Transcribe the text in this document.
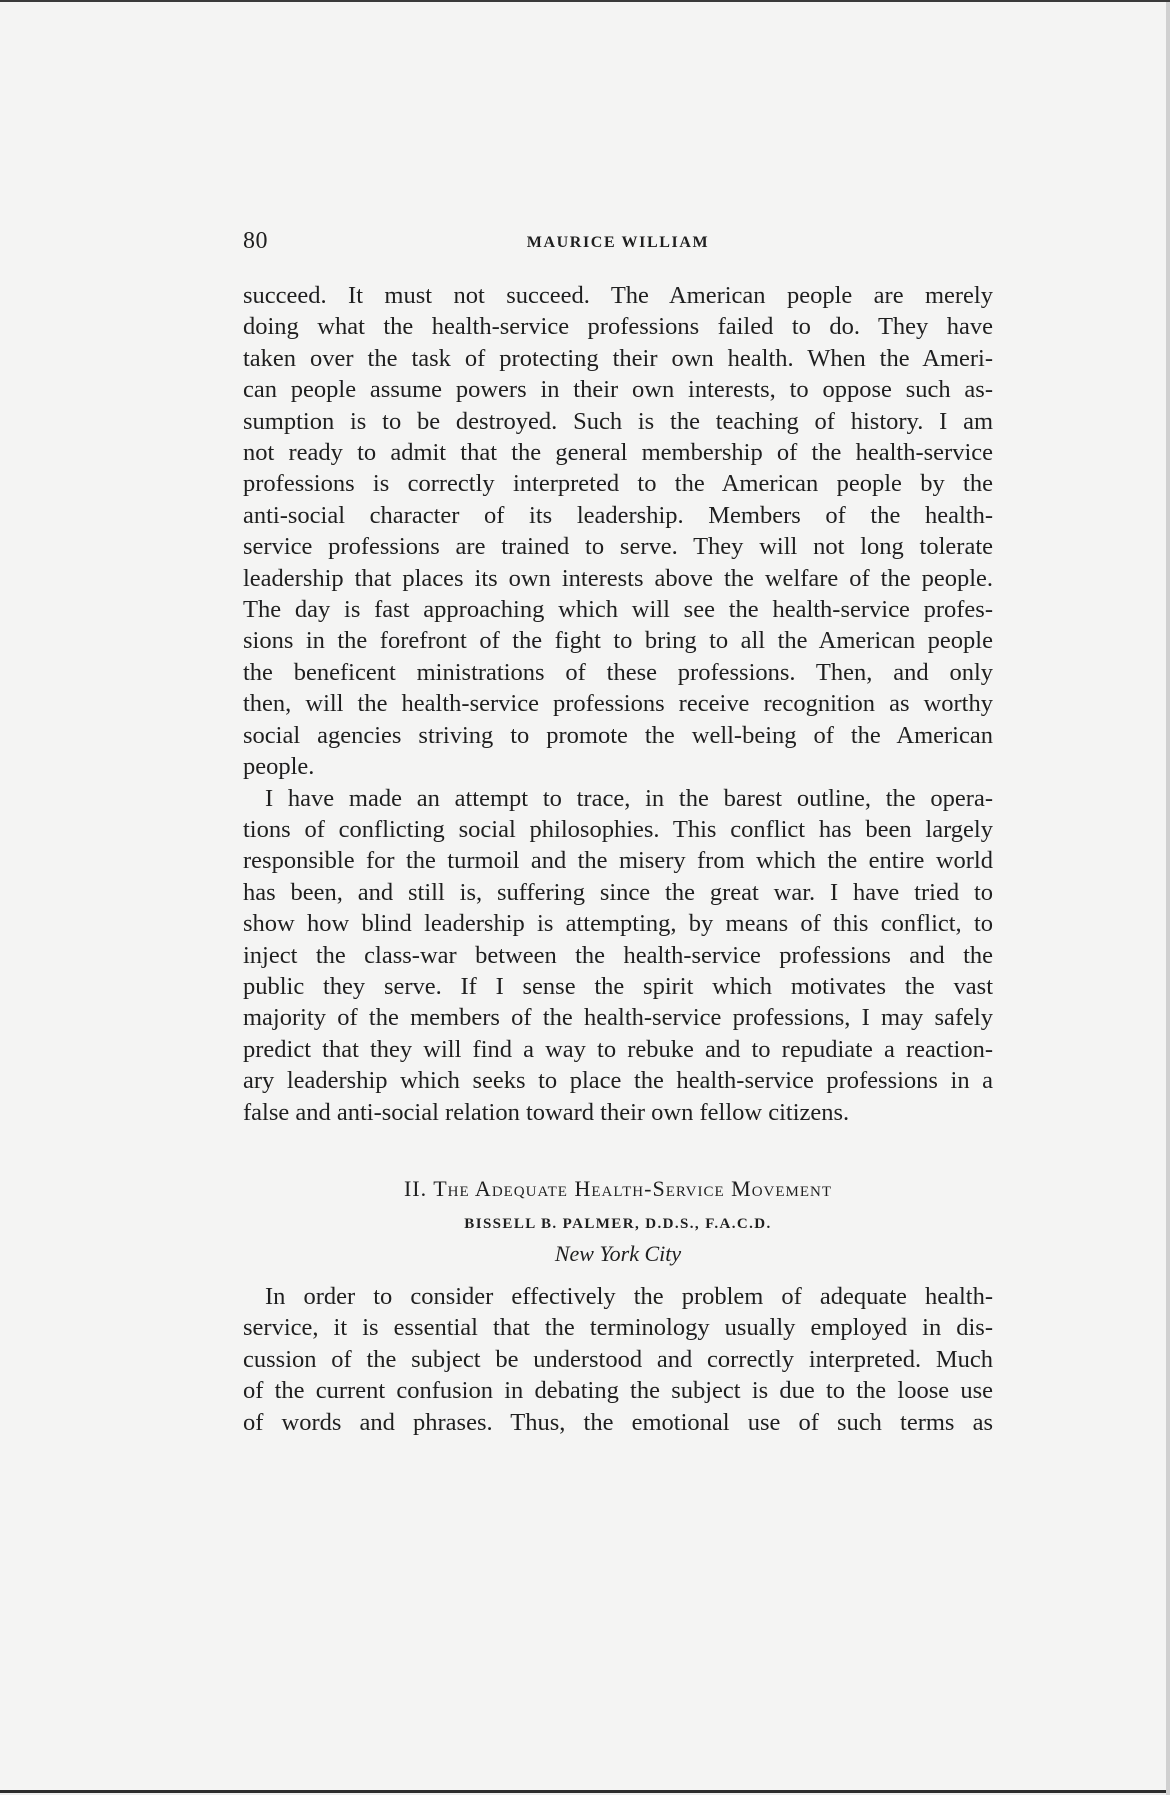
80	MAURICE WILLIAM
succeed. It must not succeed. The American people are merely
doing what the health-service professions failed to do. They have
taken over the task of protecting their own health. When the Ameri-
can people assume powers in their own interests, to oppose such as-
sumption is to be destroyed. Such is the teaching of history. I am
not ready to admit that the general membership of the health-service
professions is correctly interpreted to the American people by the
anti-social character of its leadership. Members of the health-
service professions are trained to serve. They will not long tolerate
leadership that places its own interests above the welfare of the people.
The day is fast approaching which will see the health-service profes-
sions in the forefront of the fight to bring to all the American people
the beneficent ministrations of these professions. Then, and only
then, will the health-service professions receive recognition as worthy
social agencies striving to promote the well-being of the American
people.
I have made an attempt to trace, in the barest outline, the opera-
tions of conflicting social philosophies. This conflict has been largely
responsible for the turmoil and the misery from which the entire world
has been, and still is, suffering since the great war. I have tried to
show how blind leadership is attempting, by means of this conflict, to
inject the class-war between the health-service professions and the
public they serve. If I sense the spirit which motivates the vast
majority of the members of the health-service professions, I may safely
predict that they will find a way to rebuke and to repudiate a reaction-
ary leadership which seeks to place the health-service professions in a
false and anti-social relation toward their own fellow citizens.
II. The Adequate Health-Service Movement
BISSELL B. PALMER, D.D.S., F.A.C.D.
New York City
In order to consider effectively the problem of adequate health-
service, it is essential that the terminology usually employed in dis-
cussion of the subject be understood and correctly interpreted. Much
of the current confusion in debating the subject is due to the loose use
of words and phrases. Thus, the emotional use of such terms as
